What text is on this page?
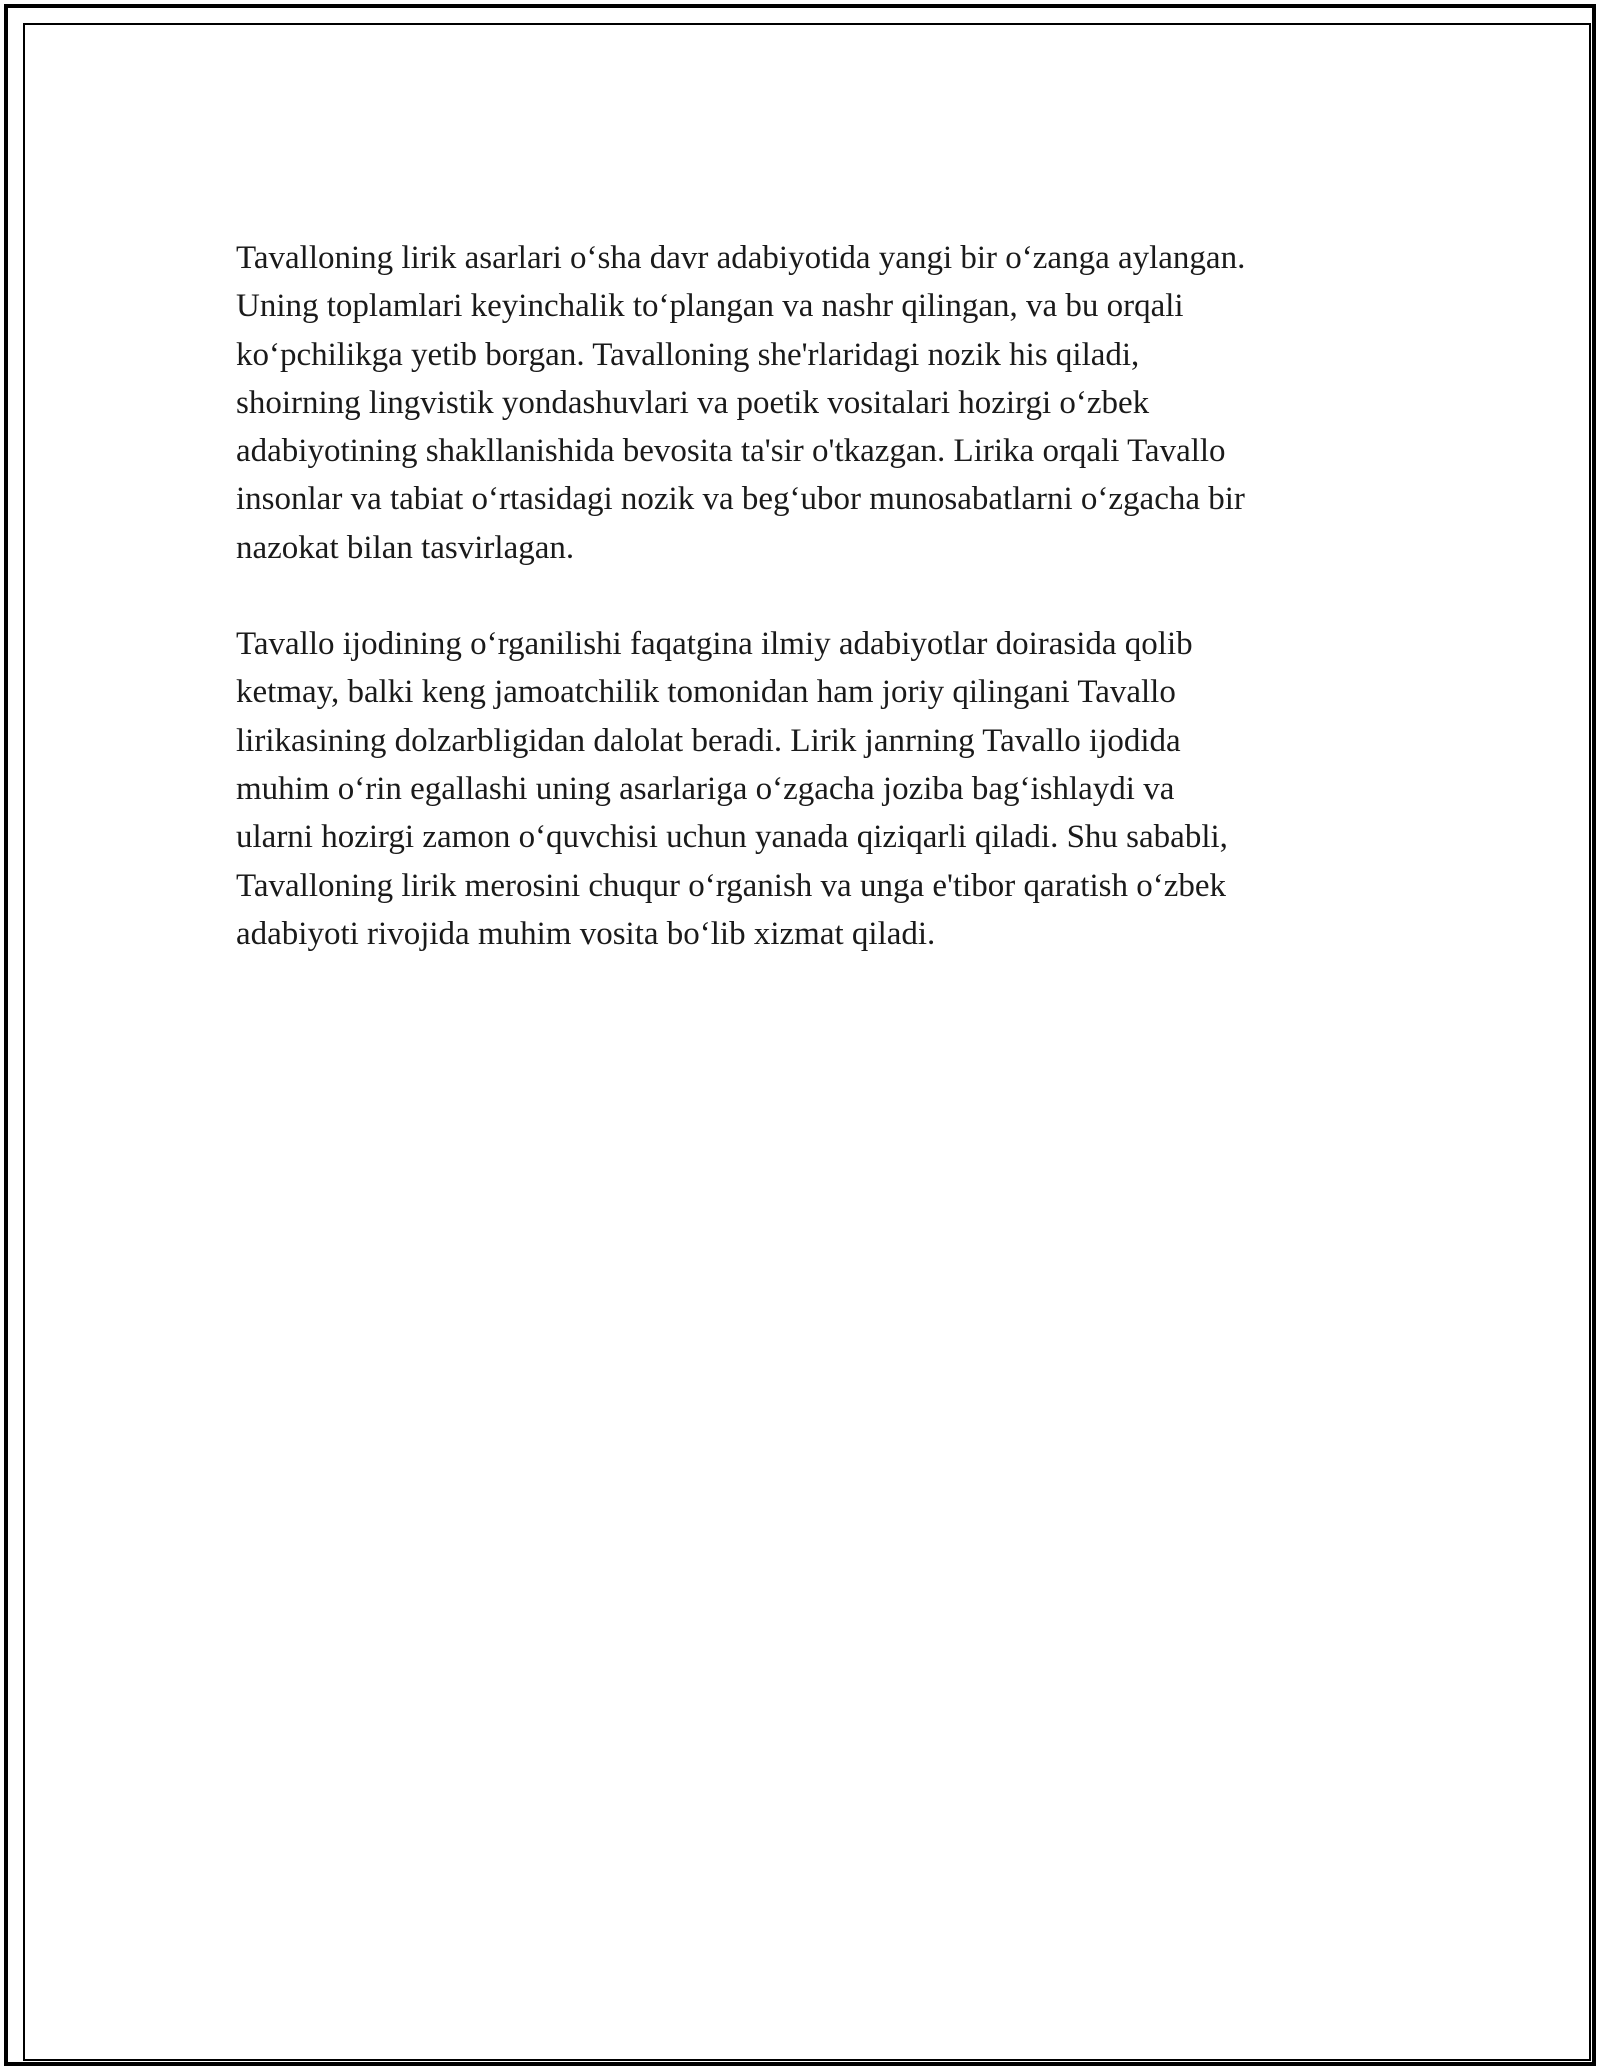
Tavalloning lirik asarlari o‘sha davr adabiyotida yangi bir o‘zanga aylangan.
Uning toplamlari keyinchalik to‘plangan va nashr qilingan, va bu orqali
ko‘pchilikga yetib borgan. Tavalloning she'rlaridagi nozik his qiladi,
shoirning lingvistik yondashuvlari va poetik vositalari hozirgi o‘zbek
adabiyotining shakllanishida bevosita ta'sir o'tkazgan. Lirika orqali Tavallo
insonlar va tabiat o‘rtasidagi nozik va beg‘ubor munosabatlarni o‘zgacha bir
nazokat bilan tasvirlagan.

Tavallo ijodining o‘rganilishi faqatgina ilmiy adabiyotlar doirasida qolib
ketmay, balki keng jamoatchilik tomonidan ham joriy qilingani Tavallo
lirikasining dolzarbligidan dalolat beradi. Lirik janrning Tavallo ijodida
muhim o‘rin egallashi uning asarlariga o‘zgacha joziba bag‘ishlaydi va
ularni hozirgi zamon o‘quvchisi uchun yanada qiziqarli qiladi. Shu sababli,
Tavalloning lirik merosini chuqur o‘rganish va unga e'tibor qaratish o‘zbek
adabiyoti rivojida muhim vosita bo‘lib xizmat qiladi.
